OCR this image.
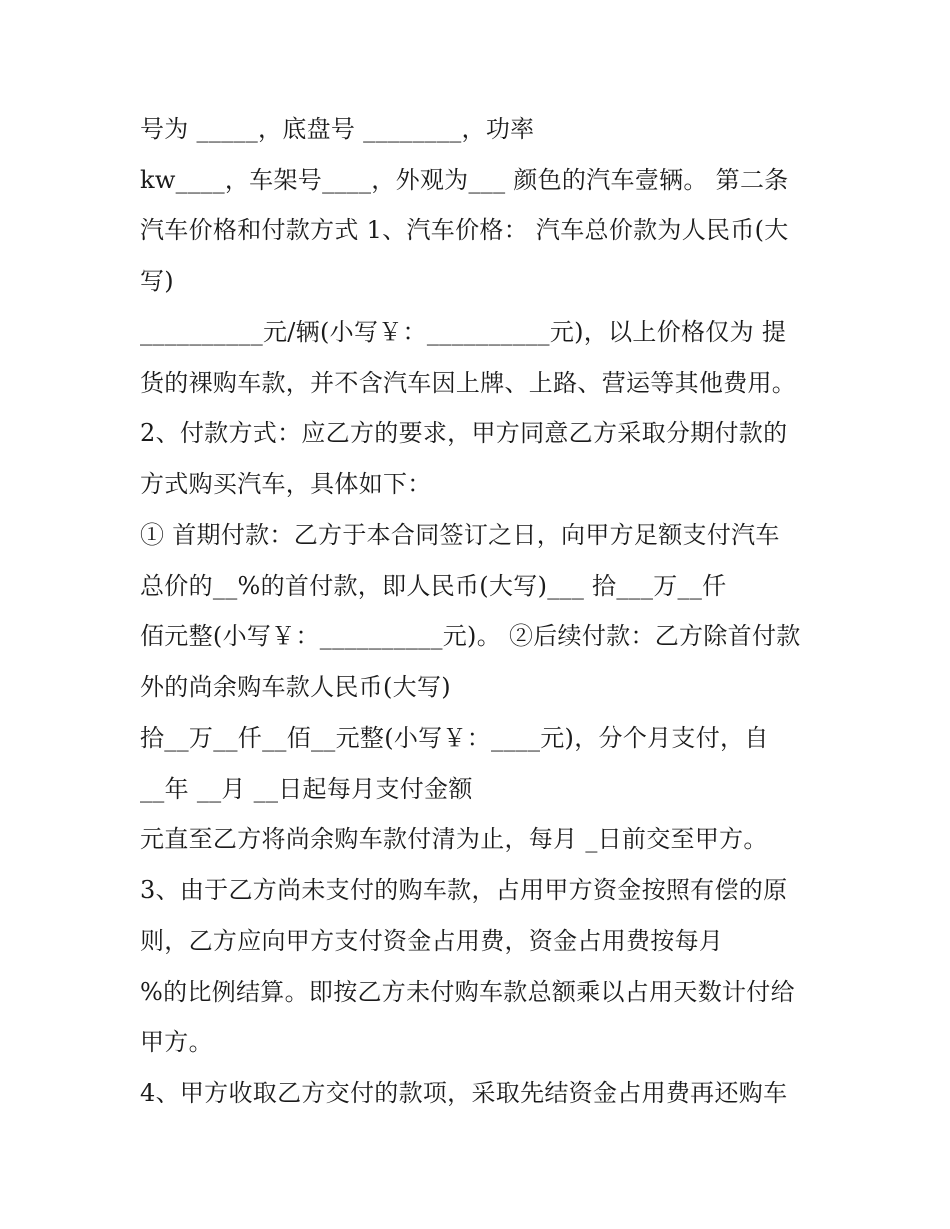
号为 _____，底盘号 ________，功率
kw____，车架号____，外观为___ 颜色的汽车壹辆。 第二条
汽车价格和付款方式 1、汽车价格： 汽车总价款为人民币(大
写)
__________元/辆(小写￥：__________元)，以上价格仅为 提
货的裸购车款，并不含汽车因上牌、上路、营运等其他费用。
2、付款方式：应乙方的要求，甲方同意乙方采取分期付款的
方式购买汽车，具体如下：
① 首期付款：乙方于本合同签订之日，向甲方足额支付汽车
总价的__%的首付款，即人民币(大写)___ 拾___万__仟
佰元整(小写￥：__________元)。 ②后续付款：乙方除首付款
外的尚余购车款人民币(大写)
拾__万__仟__佰__元整(小写￥：____元)，分个月支付，自
__年 __月 __日起每月支付金额
元直至乙方将尚余购车款付清为止，每月 _日前交至甲方。
3、由于乙方尚未支付的购车款，占用甲方资金按照有偿的原
则，乙方应向甲方支付资金占用费，资金占用费按每月
%的比例结算。即按乙方未付购车款总额乘以占用天数计付给
甲方。
4、甲方收取乙方交付的款项，采取先结资金占用费再还购车
